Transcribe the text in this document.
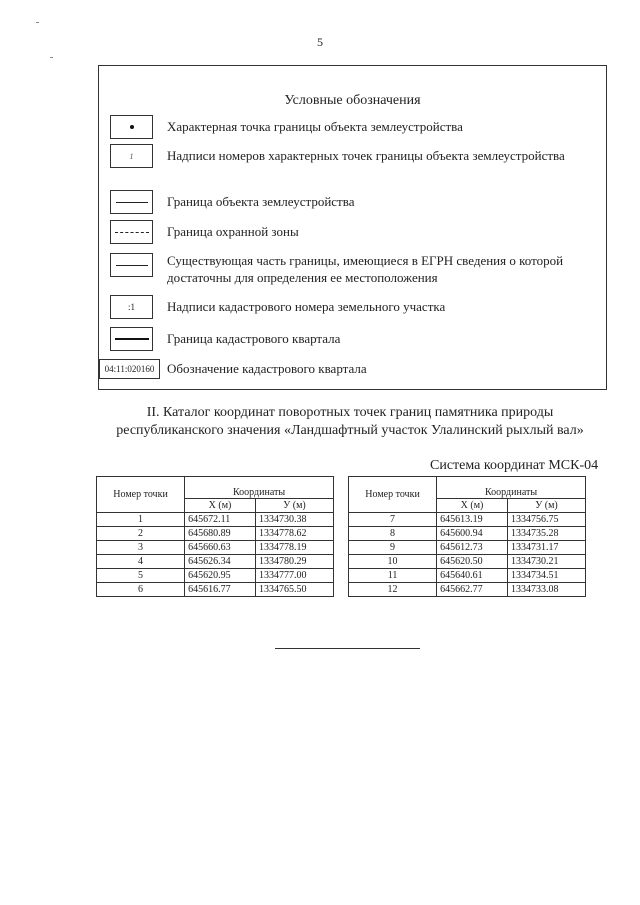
5
Условные обозначения
Характерная точка границы объекта землеустройства
1	Надписи номеров характерных точек границы объекта землеустройства
Граница объекта землеустройства
Граница охранной зоны
Существующая часть границы, имеющиеся в ЕГРН сведения о которой достаточны для определения ее местоположения
:1 Надписи кадастрового номера земельного участка
Граница кадастрового квартала
04:11:020160 Обозначение кадастрового квартала
II. Каталог координат поворотных точек границ памятника природы
республиканского значения «Ландшафтный участок Улалинский рыхлый вал»
Система координат МСК-04
Номер точки	Координаты	
	X (м)	У (м)
1	645672.11	1334730.38
2	645680.89	1334778.62
3	645660.63	1334778.19
4	645626.34	1334780.29
5	645620.95	1334777.00
6	645616.77	1334765.50
Номер точки	Координаты	
	X (м)	У (м)
7	645613.19	1334756.75
8	645600.94	1334735.28
9	645612.73	1334731.17
10	645620.50	1334730.21
11	645640.61	1334734.51
12	645662.77	1334733.08
